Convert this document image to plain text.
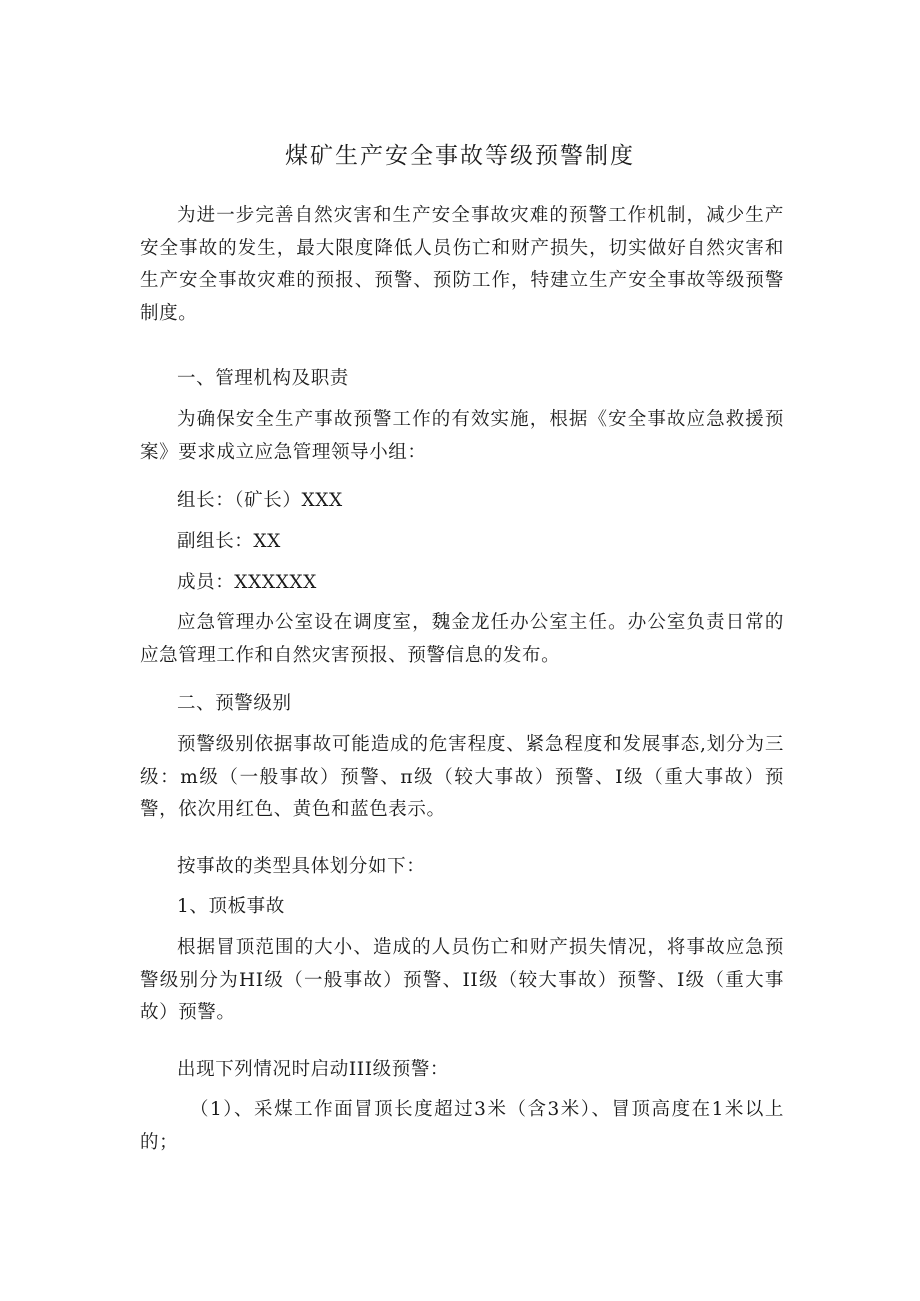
煤矿生产安全事故等级预警制度

为进一步完善自然灾害和生产安全事故灾难的预警工作机制，减少生产安全事故的发生，最大限度降低人员伤亡和财产损失，切实做好自然灾害和生产安全事故灾难的预报、预警、预防工作，特建立生产安全事故等级预警制度。

一、管理机构及职责

为确保安全生产事故预警工作的有效实施，根据《安全事故应急救援预案》要求成立应急管理领导小组：

组长：（矿长）XXX

副组长：XX

成员：XXXXXX

应急管理办公室设在调度室，魏金龙任办公室主任。办公室负责日常的应急管理工作和自然灾害预报、预警信息的发布。

二、预警级别

预警级别依据事故可能造成的危害程度、紧急程度和发展事态,划分为三级：m级（一般事故）预警、π级（较大事故）预警、I级（重大事故）预警，依次用红色、黄色和蓝色表示。

按事故的类型具体划分如下：

1、顶板事故

根据冒顶范围的大小、造成的人员伤亡和财产损失情况，将事故应急预警级别分为HI级（一般事故）预警、II级（较大事故）预警、I级（重大事故）预警。

出现下列情况时启动III级预警：

（1）、采煤工作面冒顶长度超过3米（含3米）、冒顶高度在1米以上的；
